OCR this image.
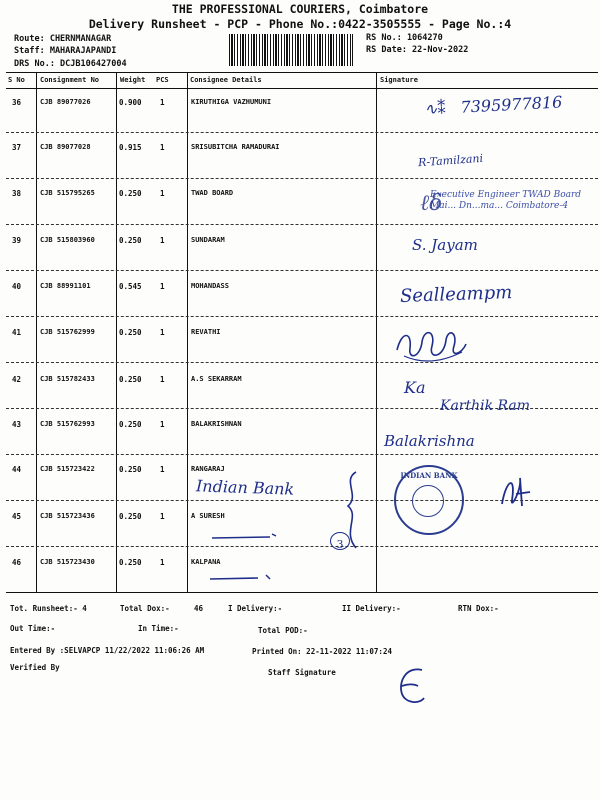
THE PROFESSIONAL COURIERS, Coimbatore
Delivery Runsheet - PCP - Phone No.:0422-3505555 - Page No.:4
Route: CHERNMANAGAR
Staff: MAHARAJAPANDI
DRS No.: DCJB106427004
RS No.: 1064270
RS Date: 22-Nov-2022
S No Consignment No	Weight PCS	Consignee Details	Signature
36	CJB 89077026	0.900 1	KIRUTHIGA VAZHUMUNI
37	CJB 89077028	0.915 1	SRISUBITCHA RAMADURAI
38	CJB 515795265	0.250 1	TWAD BOARD
39	CJB 515803960	0.250 1	SUNDARAM
40	CJB 88991101	0.545 1	MOHANDASS
41	CJB 515762999	0.250 1	REVATHI
42	CJB 515782433	0.250 1	A.S SEKARRAM
43	CJB 515762993	0.250 1	BALAKRISHNAN
44	CJB 515723422	0.250 1	RANGARAJ
45	CJB 515723436	0.250 1	A SURESH
46	CJB 515723430	0.250 1	KALPANA
∿⁑ 7395977816
R-Tamilzani
Executive Engineer TWAD Board
Mai... Dn...ma... Coimbatore-4
ℓδ
S. Jayam
Sealleampm
Ka
Karthik Ram
Balakrishna
Indian Bank
INDIAN BANK
3
Tot. Runsheet:- 4	Total Dox:-	46	I Delivery:-	II Delivery:-	RTN Dox:-
Out Time:-	In Time:-	Total POD:-
Entered By :SELVAPCP 11/22/2022 11:06:26 AM	Printed On: 22-11-2022 11:07:24
Verified By
Staff Signature
